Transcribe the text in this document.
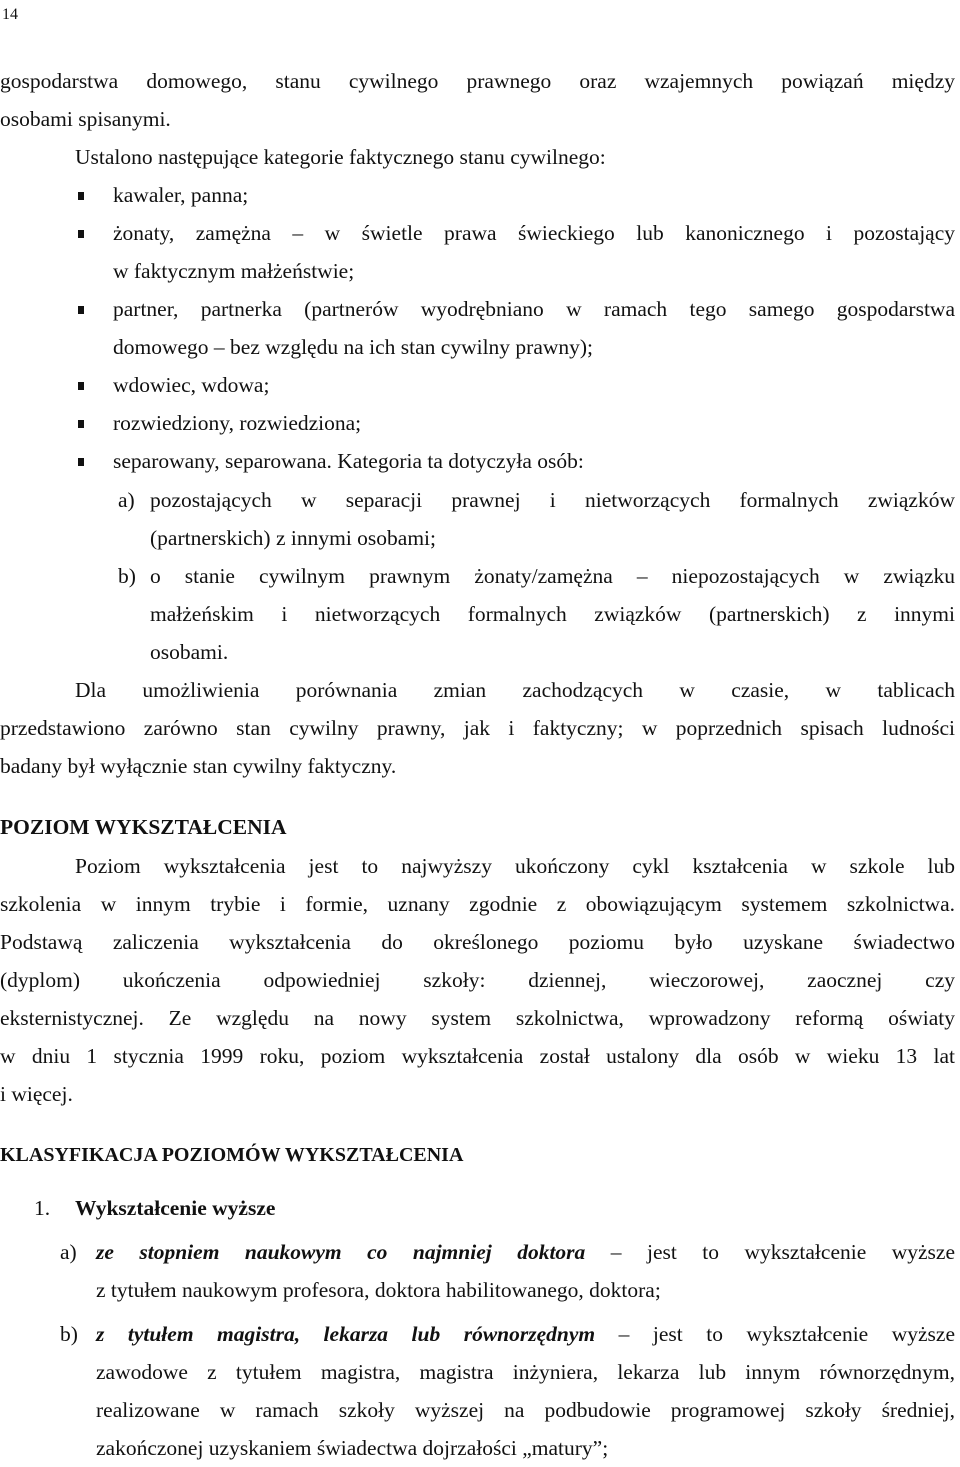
14
gospodarstwa domowego, stanu cywilnego prawnego oraz wzajemnych powiązań między
osobami spisanymi.
Ustalono następujące kategorie faktycznego stanu cywilnego:
kawaler, panna;
żonaty, zamężna – w świetle prawa świeckiego lub kanonicznego i pozostający
w faktycznym małżeństwie;
partner, partnerka (partnerów wyodrębniano w ramach tego samego gospodarstwa
domowego – bez względu na ich stan cywilny prawny);
wdowiec, wdowa;
rozwiedziony, rozwiedziona;
separowany, separowana. Kategoria ta dotyczyła osób:
a) pozostających w separacji prawnej i nietworzących formalnych związków
(partnerskich) z innymi osobami;
b) o stanie cywilnym prawnym żonaty/zamężna – niepozostających w związku
małżeńskim i nietworzących formalnych związków (partnerskich) z innymi
osobami.
Dla umożliwienia porównania zmian zachodzących w czasie, w tablicach
przedstawiono zarówno stan cywilny prawny, jak i faktyczny; w poprzednich spisach ludności
badany był wyłącznie stan cywilny faktyczny.
POZIOM WYKSZTAŁCENIA
Poziom wykształcenia jest to najwyższy ukończony cykl kształcenia w szkole lub
szkolenia w innym trybie i formie, uznany zgodnie z obowiązującym systemem szkolnictwa.
Podstawą zaliczenia wykształcenia do określonego poziomu było uzyskane świadectwo
(dyplom) ukończenia odpowiedniej szkoły: dziennej, wieczorowej, zaocznej czy
eksternistycznej. Ze względu na nowy system szkolnictwa, wprowadzony reformą oświaty
w dniu 1 stycznia 1999 roku, poziom wykształcenia został ustalony dla osób w wieku 13 lat
i więcej.
KLASYFIKACJA POZIOMÓW WYKSZTAŁCENIA
1.	Wykształcenie wyższe
a) ze stopniem naukowym co najmniej doktora – jest to wykształcenie wyższe
z tytułem naukowym profesora, doktora habilitowanego, doktora;
b) z tytułem magistra, lekarza lub równorzędnym – jest to wykształcenie wyższe
zawodowe z tytułem magistra, magistra inżyniera, lekarza lub innym równorzędnym,
realizowane w ramach szkoły wyższej na podbudowie programowej szkoły średniej,
zakończonej uzyskaniem świadectwa dojrzałości „matury”;
